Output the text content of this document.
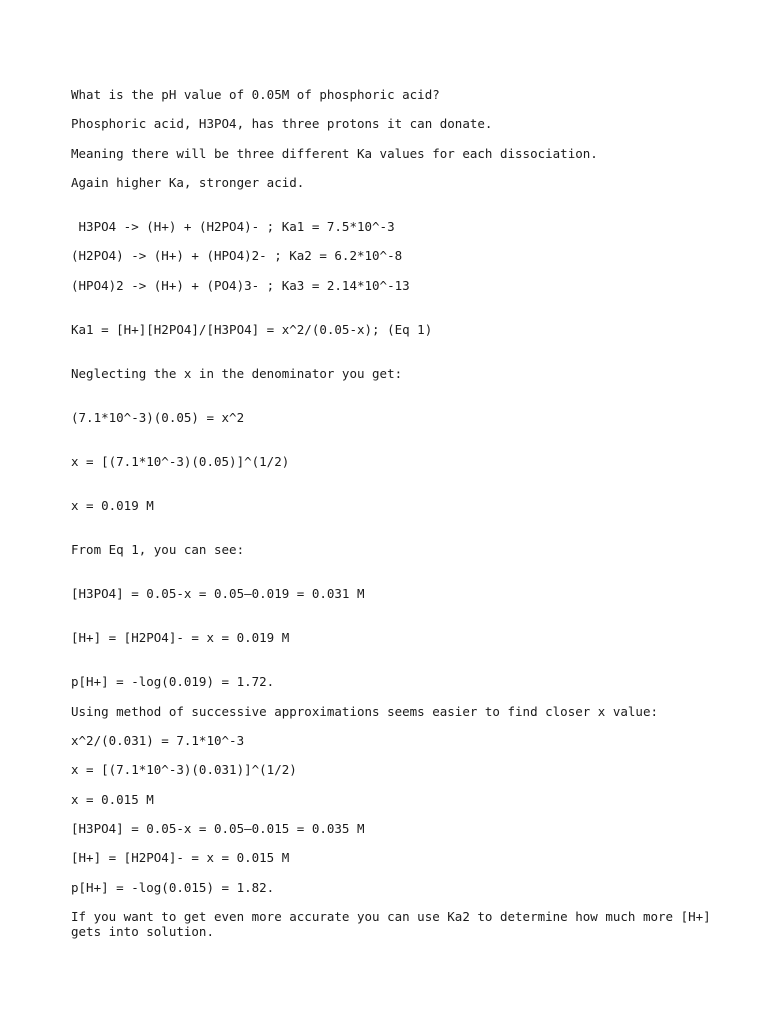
What is the pH value of 0.05M of phosphoric acid?

Phosphoric acid, H3PO4, has three protons it can donate.

Meaning there will be three different Ka values for each dissociation.

Again higher Ka, stronger acid.

H3PO4 -> (H+) + (H2PO4)- ; Ka1 = 7.5*10^-3

(H2PO4) -> (H+) + (HPO4)2- ; Ka2 = 6.2*10^-8

(HPO4)2 -> (H+) + (PO4)3- ; Ka3 = 2.14*10^-13

Ka1 = [H+][H2PO4]/[H3PO4] = x^2/(0.05-x); (Eq 1)

Neglecting the x in the denominator you get:

(7.1*10^-3)(0.05) = x^2

x = [(7.1*10^-3)(0.05)]^(1/2)

x = 0.019 M

From Eq 1, you can see:

[H3PO4] = 0.05-x = 0.05–0.019 = 0.031 M

[H+] = [H2PO4]- = x = 0.019 M

p[H+] = -log(0.019) = 1.72.

Using method of successive approximations seems easier to find closer x value:

x^2/(0.031) = 7.1*10^-3

x = [(7.1*10^-3)(0.031)]^(1/2)

x = 0.015 M

[H3PO4] = 0.05-x = 0.05–0.015 = 0.035 M

[H+] = [H2PO4]- = x = 0.015 M

p[H+] = -log(0.015) = 1.82.

If you want to get even more accurate you can use Ka2 to determine how much more [H+] gets into solution.
